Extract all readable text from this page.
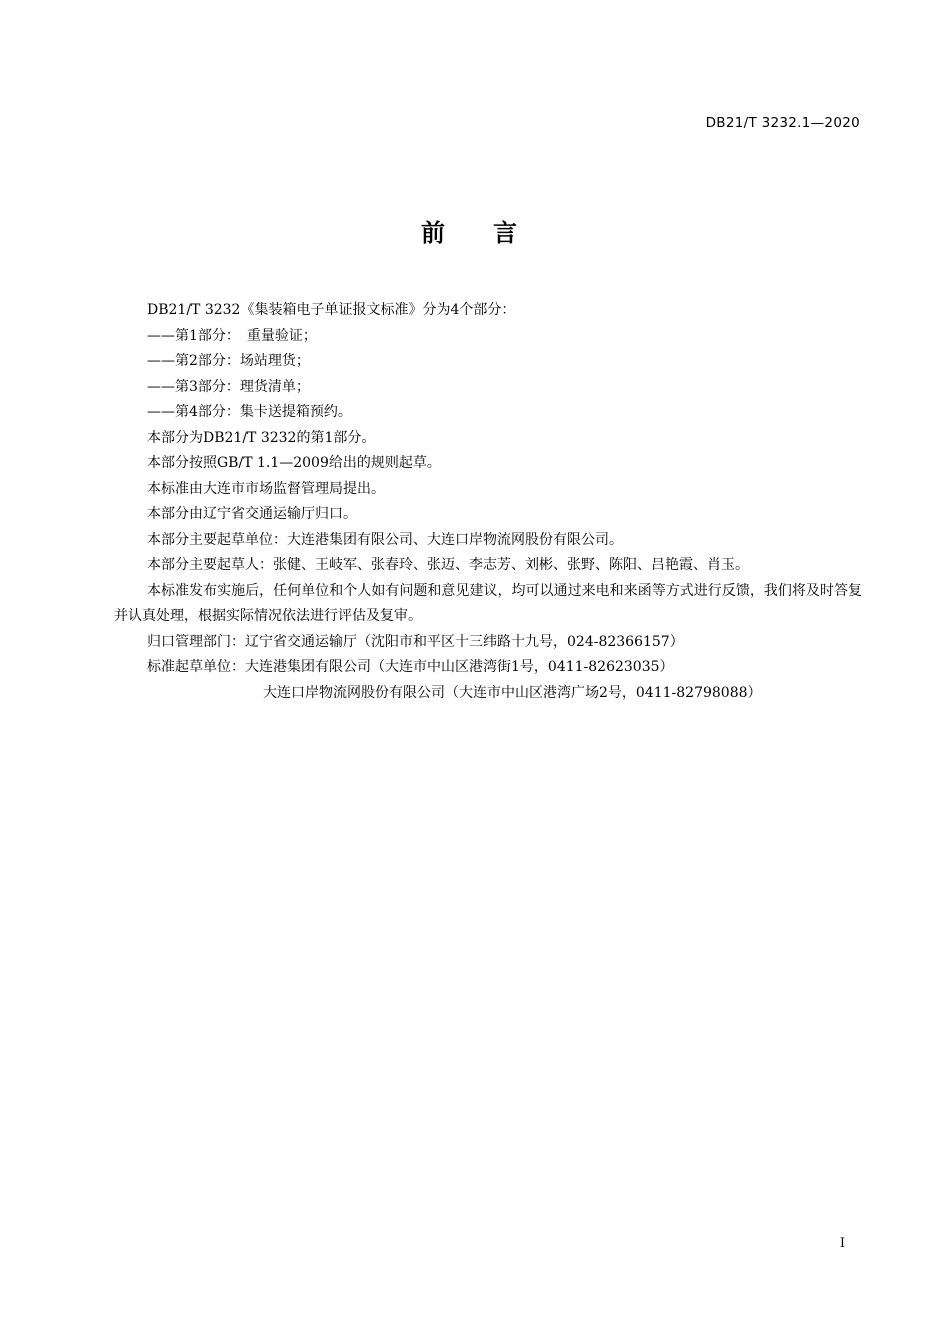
DB21/T 3232.1—2020
前言

DB21/T 3232《集装箱电子单证报文标准》分为4个部分：

——第1部分：　重量验证；

——第2部分：场站理货；

——第3部分：理货清单；

——第4部分：集卡送提箱预约。

本部分为DB21/T 3232的第1部分。

本部分按照GB/T 1.1—2009给出的规则起草。

本标准由大连市市场监督管理局提出。

本部分由辽宁省交通运输厅归口。

本部分主要起草单位：大连港集团有限公司、大连口岸物流网股份有限公司。

本部分主要起草人：张健、王岐军、张春玲、张迈、李志芳、刘彬、张野、陈阳、吕艳霞、肖玉。

本标准发布实施后，任何单位和个人如有问题和意见建议，均可以通过来电和来函等方式进行反馈，我们将及时答复并认真处理，根据实际情况依法进行评估及复审。

归口管理部门：辽宁省交通运输厅（沈阳市和平区十三纬路十九号，024-82366157）

标准起草单位：大连港集团有限公司（大连市中山区港湾街1号，0411-82623035）

大连口岸物流网股份有限公司（大连市中山区港湾广场2号，0411-82798088）

I
